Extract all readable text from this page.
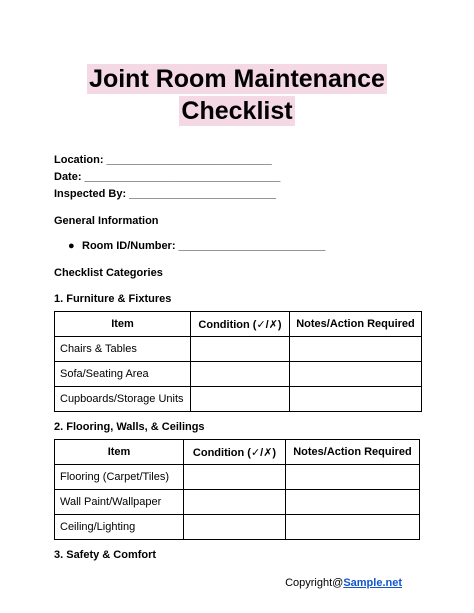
Joint Room Maintenance
Checklist
Location: ___________________________
Date: ________________________________
Inspected By: ________________________
General Information
● Room ID/Number: ________________________
Checklist Categories
1. Furniture & Fixtures
Item	Condition (✓/✗)	Notes/Action Required
Chairs & Tables		
Sofa/Seating Area		
Cupboards/Storage Units		
2. Flooring, Walls, & Ceilings
Item	Condition (✓/✗)	Notes/Action Required
Flooring (Carpet/Tiles)		
Wall Paint/Wallpaper		
Ceiling/Lighting		
3. Safety & Comfort
Copyright@Sample.net
